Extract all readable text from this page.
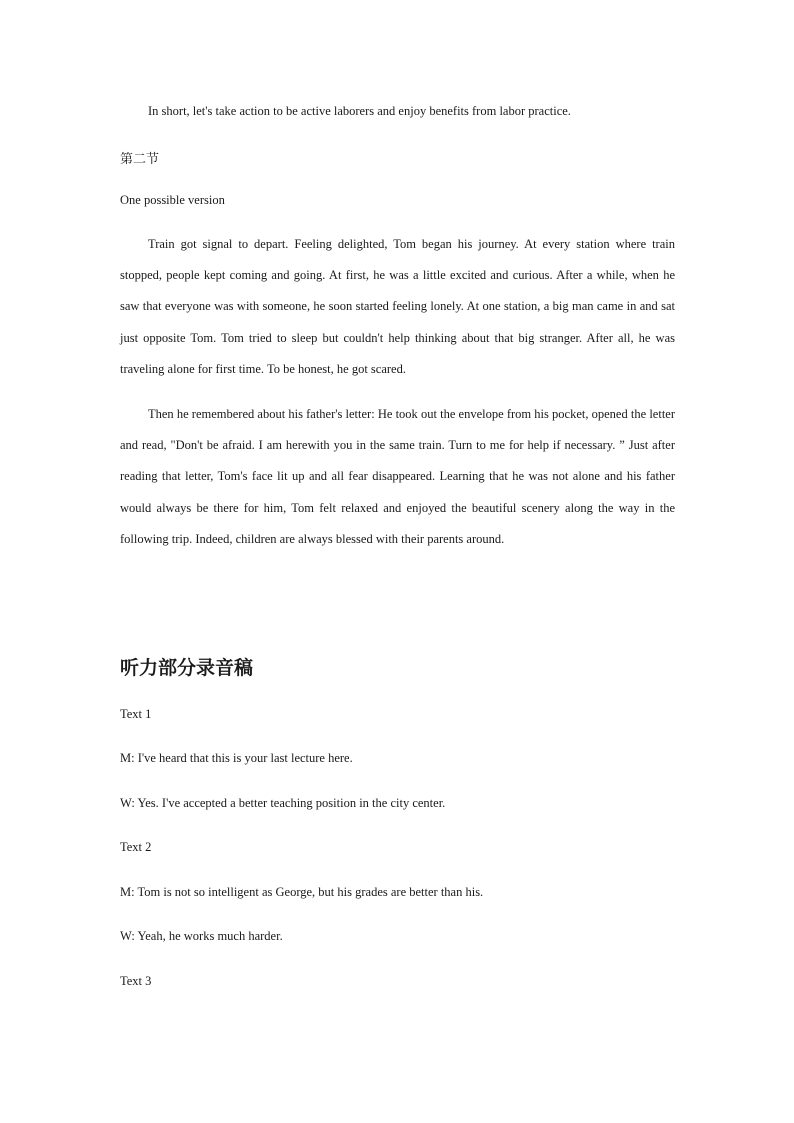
In short, let's take action to be active laborers and enjoy benefits from labor practice.

第二节

One possible version

Train got signal to depart. Feeling delighted, Tom began his journey. At every station where train stopped, people kept coming and going. At first, he was a little excited and curious. After a while, when he saw that everyone was with someone, he soon started feeling lonely. At one station, a big man came in and sat just opposite Tom. Tom tried to sleep but couldn't help thinking about that big stranger. After all, he was traveling alone for first time. To be honest, he got scared.

Then he remembered about his father's letter: He took out the envelope from his pocket, opened the letter and read, "Don't be afraid. I am herewith you in the same train. Turn to me for help if necessary. ” Just after reading that letter, Tom's face lit up and all fear disappeared. Learning that he was not alone and his father would always be there for him, Tom felt relaxed and enjoyed the beautiful scenery along the way in the following trip. Indeed, children are always blessed with their parents around.

听力部分录音稿

Text 1

M: I've heard that this is your last lecture here.

W: Yes. I've accepted a better teaching position in the city center.

Text 2

M: Tom is not so intelligent as George, but his grades are better than his.

W: Yeah, he works much harder.

Text 3
